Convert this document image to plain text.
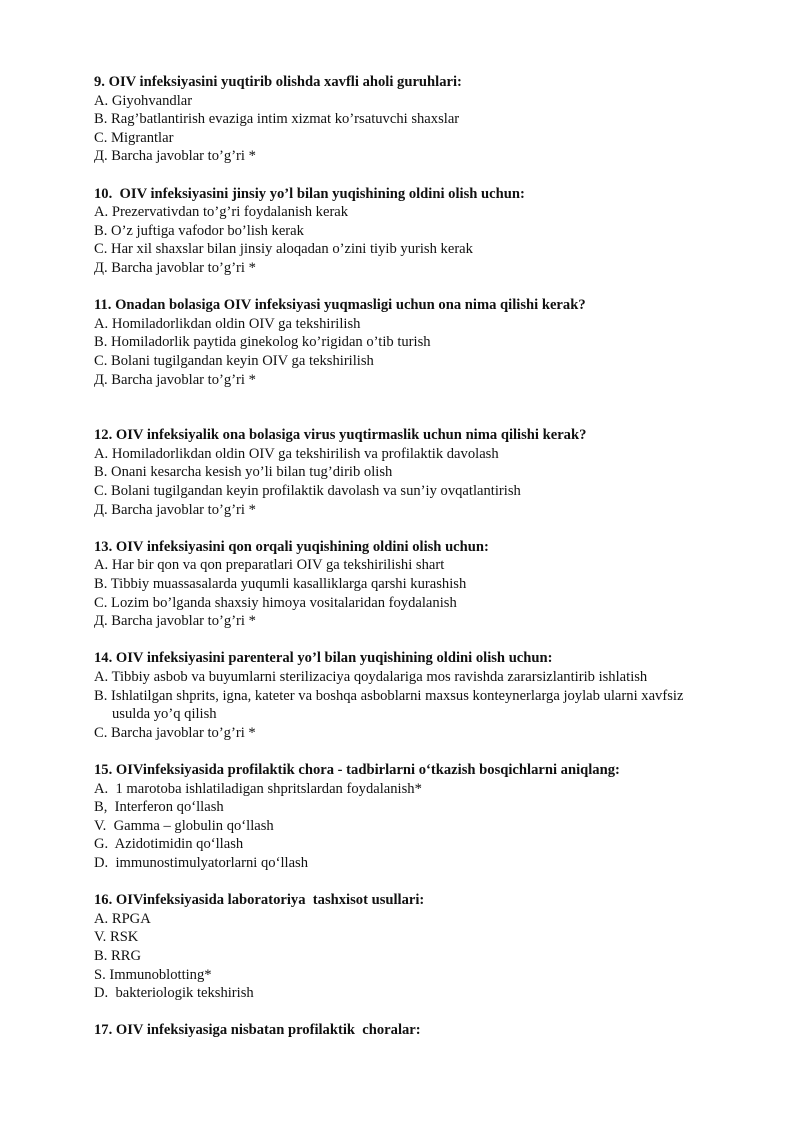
9. OIV infeksiyasini yuqtirib olishda xavfli aholi guruhlari:

A. Giyohvandlar

B. Rag’batlantirish evaziga intim xizmat ko’rsatuvchi shaxslar

C. Migrantlar

Д. Barcha javoblar to’g’ri *

10.  OIV infeksiyasini jinsiy yo’l bilan yuqishining oldini olish uchun:

A. Prezervativdan to’g’ri foydalanish kerak

B. O’z juftiga vafodor bo’lish kerak

C. Har xil shaxslar bilan jinsiy aloqadan o’zini tiyib yurish kerak

Д. Barcha javoblar to’g’ri *

11. Onadan bolasiga OIV infeksiyasi yuqmasligi uchun ona nima qilishi kerak?

A. Homiladorlikdan oldin OIV ga tekshirilish

B. Homiladorlik paytida ginekolog ko’rigidan o’tib turish

C. Bolani tugilgandan keyin OIV ga tekshirilish

Д. Barcha javoblar to’g’ri *

12. OIV infeksiyalik ona bolasiga virus yuqtirmaslik uchun nima qilishi kerak?

A. Homiladorlikdan oldin OIV ga tekshirilish va profilaktik davolash

B. Onani kesarcha kesish yo’li bilan tug’dirib olish

C. Bolani tugilgandan keyin profilaktik davolash va sun’iy ovqatlantirish

Д. Barcha javoblar to’g’ri *

13. OIV infeksiyasini qon orqali yuqishining oldini olish uchun:

A. Har bir qon va qon preparatlari OIV ga tekshirilishi shart

B. Tibbiy muassasalarda yuqumli kasalliklarga qarshi kurashish

C. Lozim bo’lganda shaxsiy himoya vositalaridan foydalanish

Д. Barcha javoblar to’g’ri *

14. OIV infeksiyasini parenteral yo’l bilan yuqishining oldini olish uchun:

A. Tibbiy asbob va buyumlarni sterilizaciya qoydalariga mos ravishda zararsizlantirib ishlatish

B. Ishlatilgan shprits, igna, kateter va boshqa asboblarni maxsus konteynerlarga joylab ularni xavfsiz usulda yo’q qilish

C. Barcha javoblar to’g’ri *

15. OIVinfeksiyasida profilaktik chora - tadbirlarni o‘tkazish bosqichlarni aniqlang:

A.  1 marotoba ishlatiladigan shpritslardan foydalanish*

B,  Interferon qo‘llash

V.  Gamma – globulin qo‘llash

G.  Azidotimidin qo‘llash

D.  immunostimulyatorlarni qo‘llash

16. OIVinfeksiyasida laboratoriya  tashxisot usullari:

A. RPGA

V. RSK

B. RRG

S. Immunoblotting*

D.  bakteriologik tekshirish

17. OIV infeksiyasiga nisbatan profilaktik  choralar:
